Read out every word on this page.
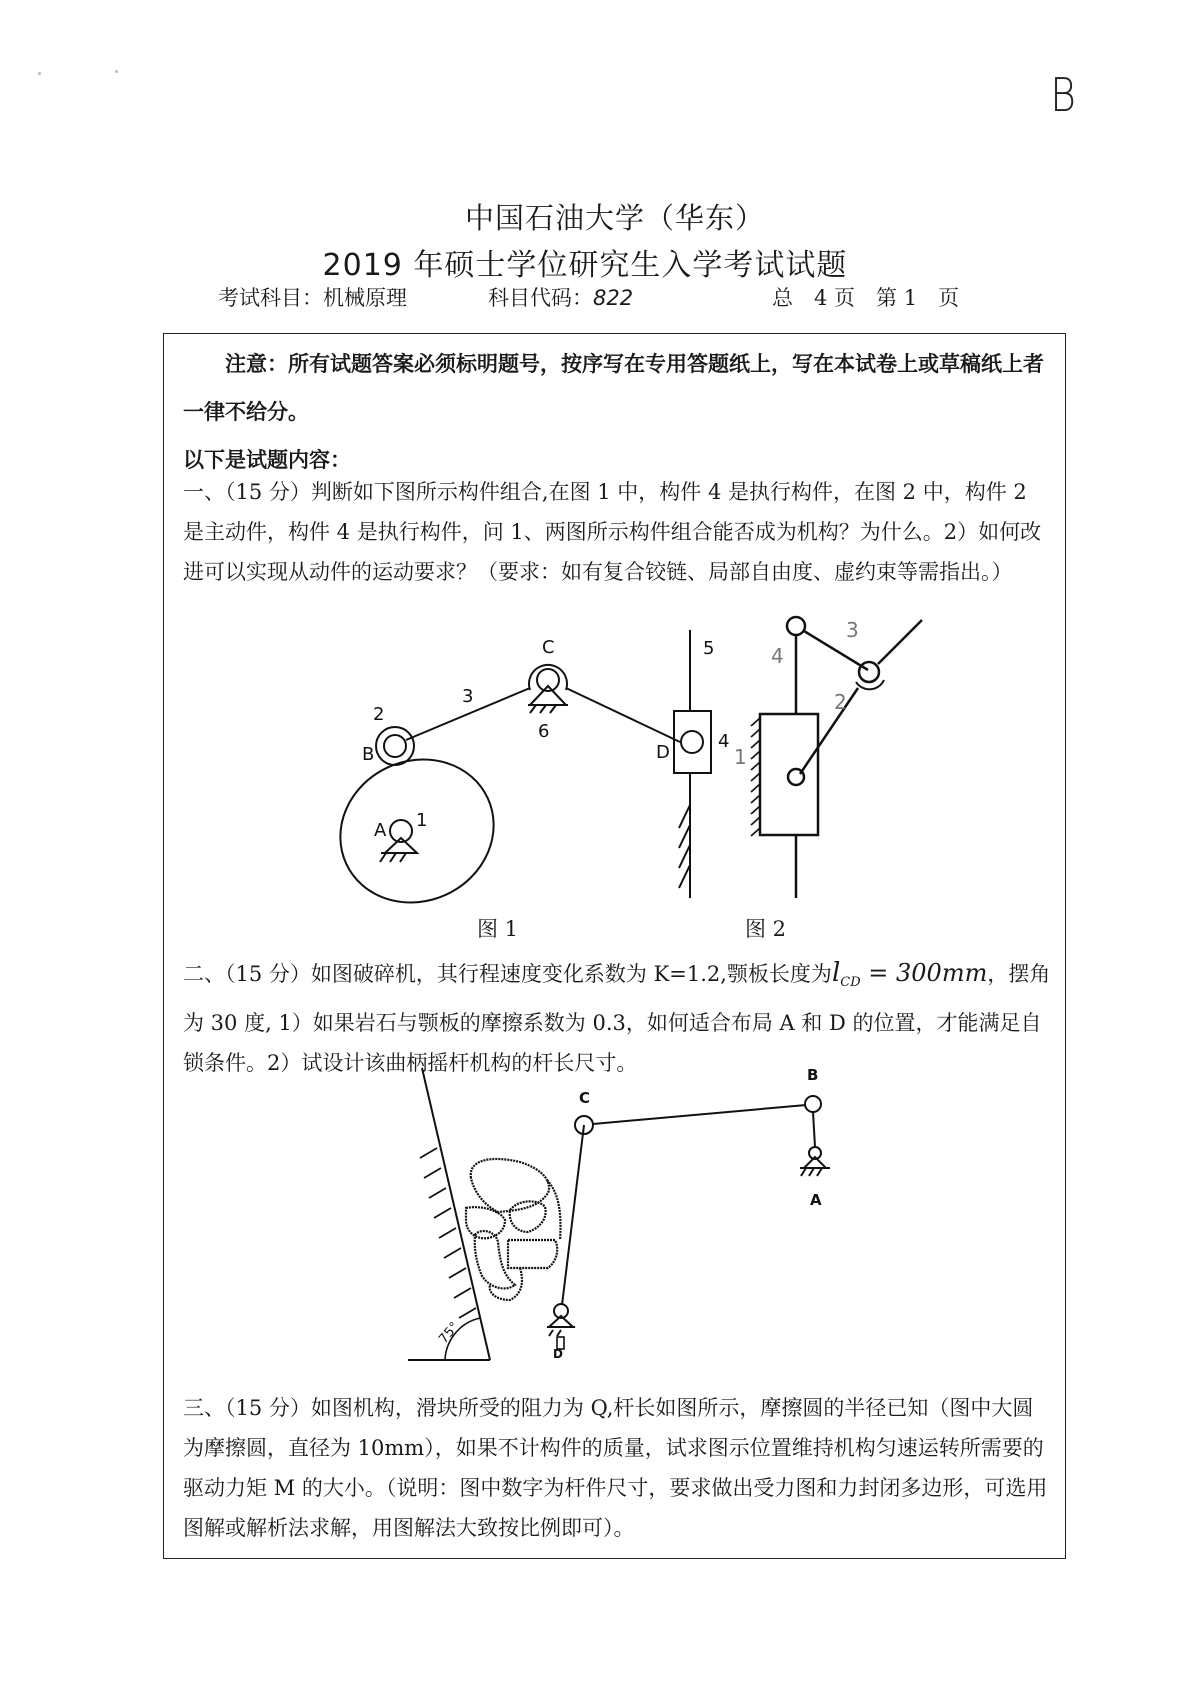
B
中国石油大学（华东）
2019 年硕士学位研究生入学考试试题
考试科目：机械原理	科目代码：822	总　4 页　第 1　页
注意：所有试题答案必须标明题号，按序写在专用答题纸上，写在本试卷上或草稿纸上者一律不给分。
以下是试题内容：
一、（15 分）判断如下图所示构件组合,在图 1 中，构件 4 是执行构件，在图 2 中，构件 2 是主动件，构件 4 是执行构件，问 1、两图所示构件组合能否成为机构？为什么。2）如何改进可以实现从动件的运动要求？（要求：如有复合铰链、局部自由度、虚约束等需指出。）
C
3
2
B
6
A 1
D
4
5
3
4
2
1
C
B
A
D
75°
图 1	图 2
二、（15 分）如图破碎机，其行程速度变化系数为 K=1.2,颚板长度为$l_{CD} = 300mm$，摆角为 30 度, 1）如果岩石与颚板的摩擦系数为 0.3，如何适合布局 A 和 D 的位置，才能满足自锁条件。2）试设计该曲柄摇杆机构的杆长尺寸。
三、（15 分）如图机构，滑块所受的阻力为 Q,杆长如图所示，摩擦圆的半径已知（图中大圆为摩擦圆，直径为 10mm），如果不计构件的质量，试求图示位置维持机构匀速运转所需要的驱动力矩 M 的大小。（说明：图中数字为杆件尺寸，要求做出受力图和力封闭多边形，可选用图解或解析法求解，用图解法大致按比例即可）。
